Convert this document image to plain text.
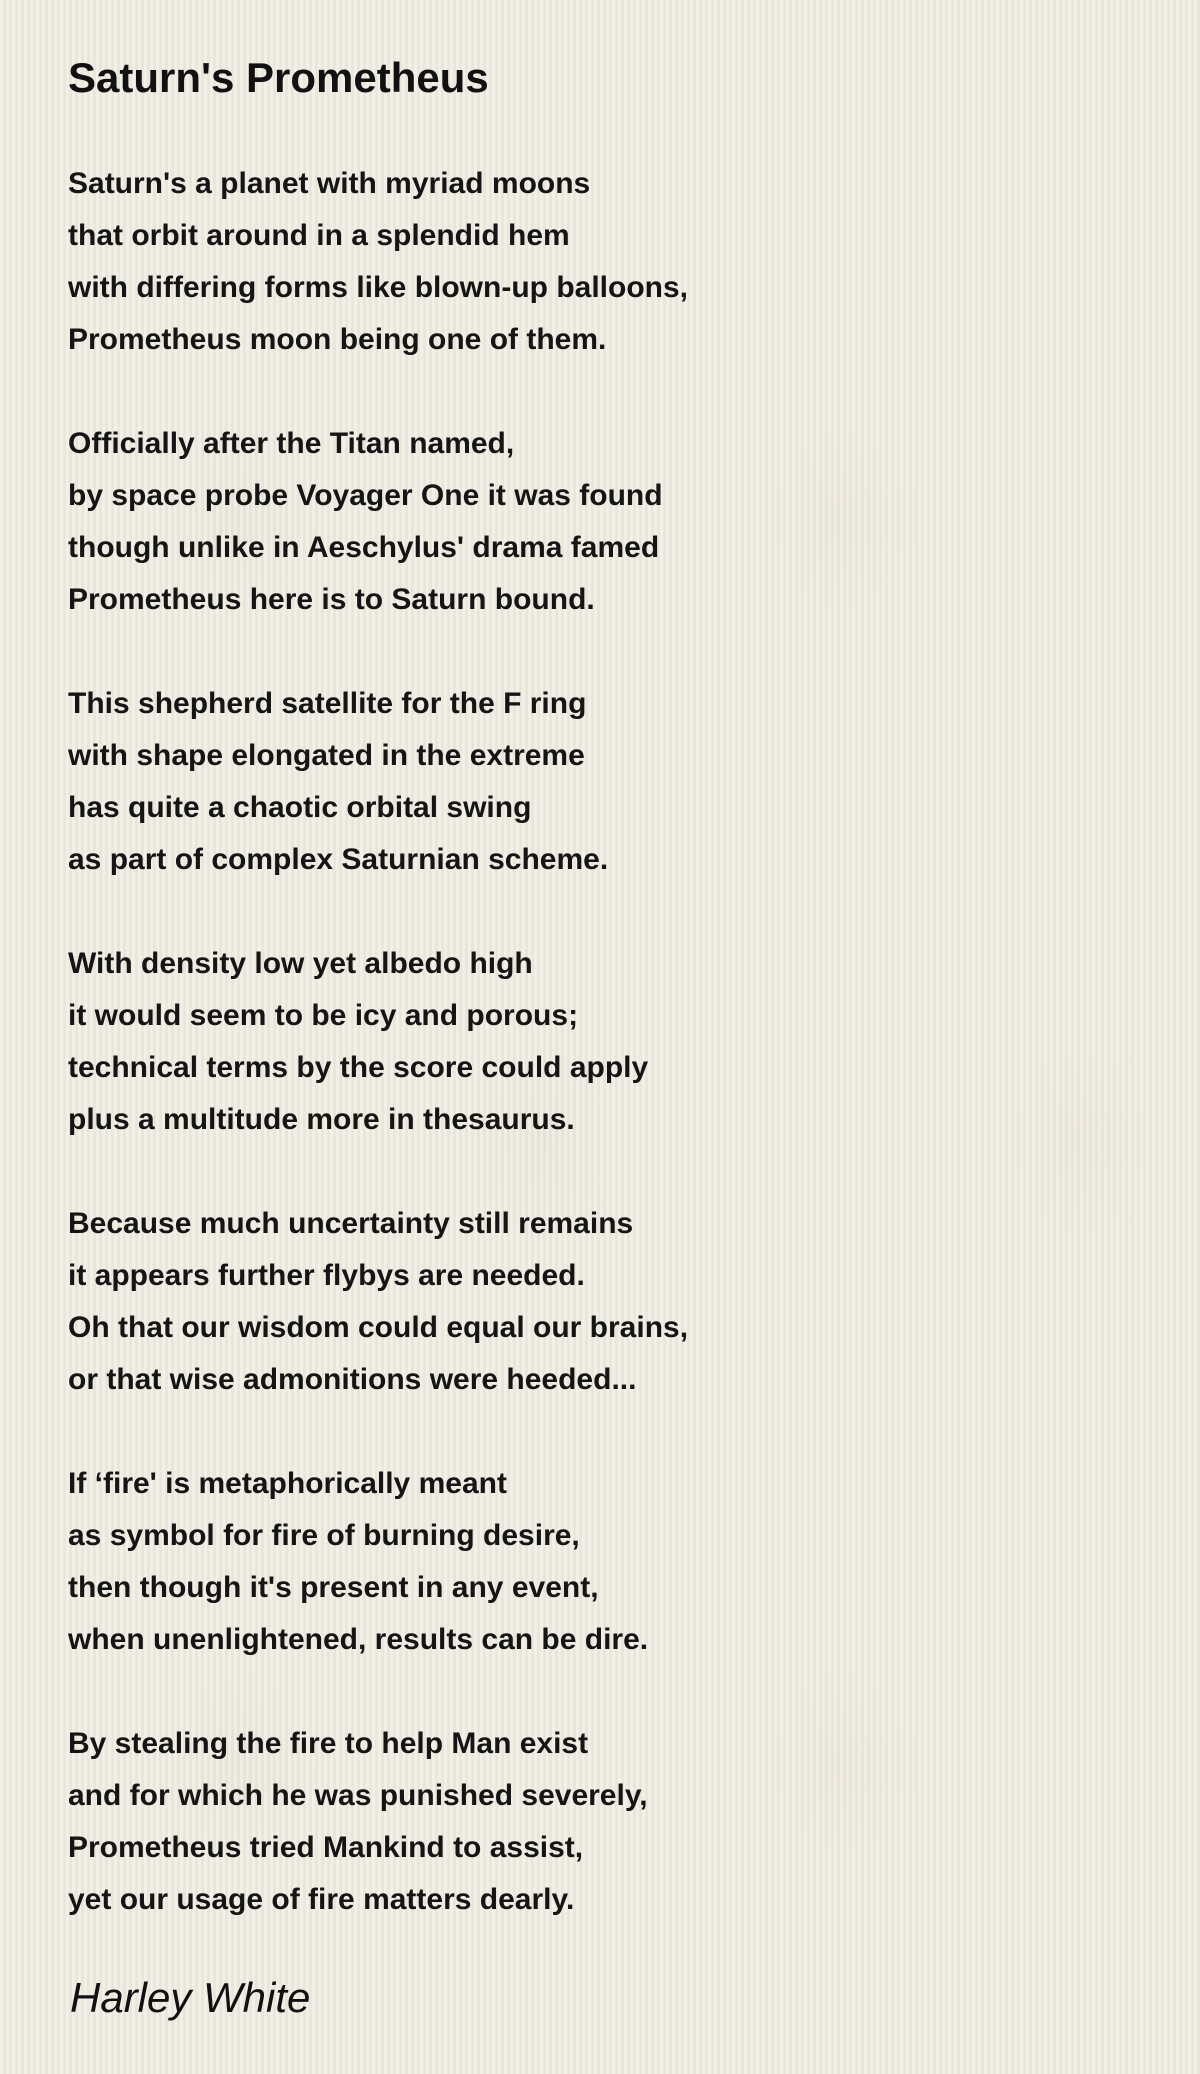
Saturn's Prometheus
Saturn's a planet with myriad moons
that orbit around in a splendid hem
with differing forms like blown-up balloons,
Prometheus moon being one of them.
Officially after the Titan named,
by space probe Voyager One it was found
though unlike in Aeschylus' drama famed
Prometheus here is to Saturn bound.
This shepherd satellite for the F ring
with shape elongated in the extreme
has quite a chaotic orbital swing
as part of complex Saturnian scheme.
With density low yet albedo high
it would seem to be icy and porous;
technical terms by the score could apply
plus a multitude more in thesaurus.
Because much uncertainty still remains
it appears further flybys are needed.
Oh that our wisdom could equal our brains,
or that wise admonitions were heeded...
If ‘fire' is metaphorically meant
as symbol for fire of burning desire,
then though it's present in any event,
when unenlightened, results can be dire.
By stealing the fire to help Man exist
and for which he was punished severely,
Prometheus tried Mankind to assist,
yet our usage of fire matters dearly.
Harley White
